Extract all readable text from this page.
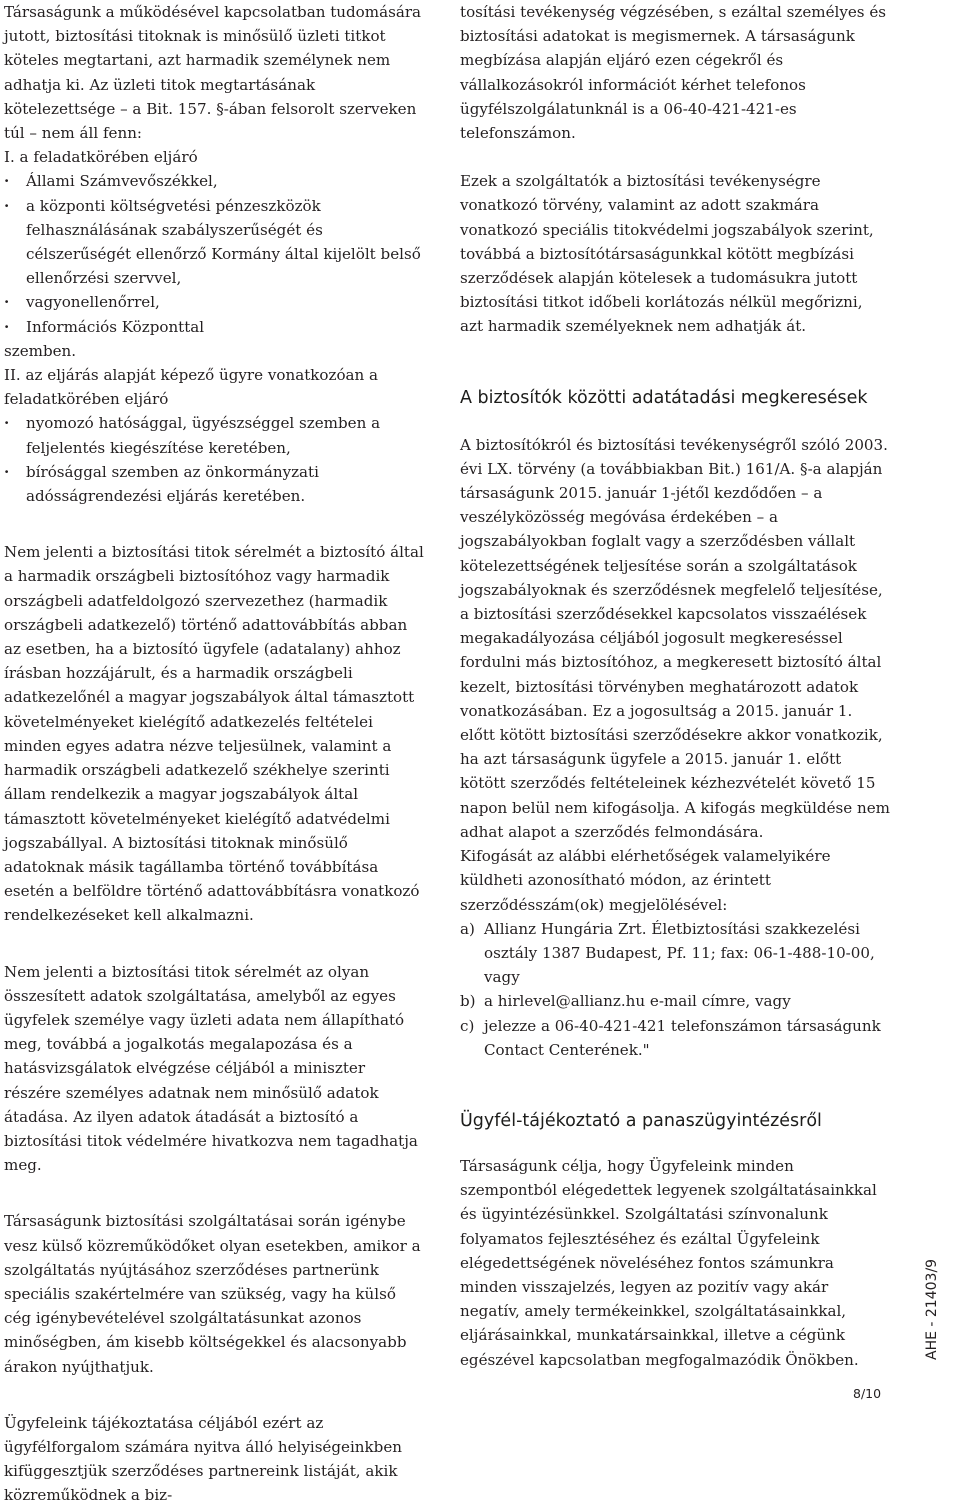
Társaságunk a működésével kapcsolatban tudomására jutott, biztosítási titoknak is minősülő üzleti titkot köteles megtartani, azt harmadik személynek nem adhatja ki. Az üzleti titok megtartásának kötelezettsége – a Bit. 157. §-ában felsorolt szerveken túl – nem áll fenn:

I. a feladatkörében eljáró

· Állami Számvevőszékkel,
· a központi költségvetési pénzeszközök felhasználásának szabályszerűségét és célszerűségét ellenőrző Kormány által kijelölt belső ellenőrzési szervvel,
· vagyonellenőrrel,
· Információs Központtal

szemben.

II. az eljárás alapját képező ügyre vonatkozóan a feladatkörében eljáró

· nyomozó hatósággal, ügyészséggel szemben a feljelentés kiegészítése keretében,
· bírósággal szemben az önkormányzati adósságrendezési eljárás keretében.

Nem jelenti a biztosítási titok sérelmét a biztosító által a harmadik országbeli biztosítóhoz vagy harmadik országbeli adatfeldolgozó szervezethez (harmadik országbeli adatkezelő) történő adattovábbítás abban az esetben, ha a biztosító ügyfele (adatalany) ahhoz írásban hozzájárult, és a harmadik országbeli adatkezelőnél a magyar jogszabályok által támasztott követelményeket kielégítő adatkezelés feltételei minden egyes adatra nézve teljesülnek, valamint a harmadik országbeli adatkezelő székhelye szerinti állam rendelkezik a magyar jogszabályok által támasztott követelményeket kielégítő adatvédelmi jogszabállyal. A biztosítási titoknak minősülő adatoknak másik tagállamba történő továbbítása esetén a belföldre történő adattovábbításra vonatkozó rendelkezéseket kell alkalmazni.

Nem jelenti a biztosítási titok sérelmét az olyan összesített adatok szolgáltatása, amelyből az egyes ügyfelek személye vagy üzleti adata nem állapítható meg, továbbá a jogalkotás megalapozása és a hatásvizsgálatok elvégzése céljából a miniszter részére személyes adatnak nem minősülő adatok átadása. Az ilyen adatok átadását a biztosító a biztosítási titok védelmére hivatkozva nem tagadhatja meg.

Társaságunk biztosítási szolgáltatásai során igénybe vesz külső közreműködőket olyan esetekben, amikor a szolgáltatás nyújtásához szerződéses partnerünk speciális szakértelmére van szükség, vagy ha külső cég igénybevételével szolgáltatásunkat azonos minőségben, ám kisebb költségekkel és alacsonyabb árakon nyújthatjuk.

Ügyfeleink tájékoztatása céljából ezért az ügyfélforgalom számára nyitva álló helyiségeinkben kifüggesztjük szerződéses partnereink listáját, akik közreműködnek a biz-

tosítási tevékenység végzésében, s ezáltal személyes és biztosítási adatokat is megismernek. A társaságunk megbízása alapján eljáró ezen cégekről és vállalkozásokról információt kérhet telefonos ügyfélszolgálatunknál is a 06-40-421-421-es telefonszámon.

Ezek a szolgáltatók a biztosítási tevékenységre vonatkozó törvény, valamint az adott szakmára vonatkozó speciális titokvédelmi jogszabályok szerint, továbbá a biztosítótársaságunkkal kötött megbízási szerződések alapján kötelesek a tudomásukra jutott biztosítási titkot időbeli korlátozás nélkül megőrizni, azt harmadik személyeknek nem adhatják át.

A biztosítók közötti adatátadási megkeresések

A biztosítókról és biztosítási tevékenységről szóló 2003. évi LX. törvény (a továbbiakban Bit.) 161/A. §-a alapján társaságunk 2015. január 1-jétől kezdődően – a veszélyközösség megóvása érdekében – a jogszabályokban foglalt vagy a szerződésben vállalt kötelezettségének teljesítése során a szolgáltatások jogszabályoknak és szerződésnek megfelelő teljesítése, a biztosítási szerződésekkel kapcsolatos visszaélések megakadályozása céljából jogosult megkereséssel fordulni más biztosítóhoz, a megkeresett biztosító által kezelt, biztosítási törvényben meghatározott adatok vonatkozásában. Ez a jogosultság a 2015. január 1. előtt kötött biztosítási szerződésekre akkor vonatkozik, ha azt társaságunk ügyfele a 2015. január 1. előtt kötött szerződés feltételeinek kézhezvételét követő 15 napon belül nem kifogásolja. A kifogás megküldése nem adhat alapot a szerződés felmondására.

Kifogását az alábbi elérhetőségek valamelyikére küldheti azonosítható módon, az érintett szerződésszám(ok) megjelölésével:

a) Allianz Hungária Zrt. Életbiztosítási szakkezelési osztály 1387 Budapest, Pf. 11; fax: 06-1-488-10-00, vagy
b) a hirlevel@allianz.hu e-mail címre, vagy
c) jelezze a 06-40-421-421 telefonszámon társaságunk Contact Centerének."
Ügyfél-tájékoztató a panaszügyintézésről

Társaságunk célja, hogy Ügyfeleink minden szempontból elégedettek legyenek szolgáltatásainkkal és ügyintézésünkkel. Szolgáltatási színvonalunk folyamatos fejlesztéséhez és ezáltal Ügyfeleink elégedettségének növeléséhez fontos számunkra minden visszajelzés, legyen az pozitív vagy akár negatív, amely termékeinkkel, szolgáltatásainkkal, eljárásainkkal, munkatársainkkal, illetve a cégünk egészével kapcsolatban megfogalmazódik Önökben.	AHE - 21403/9
8/10
